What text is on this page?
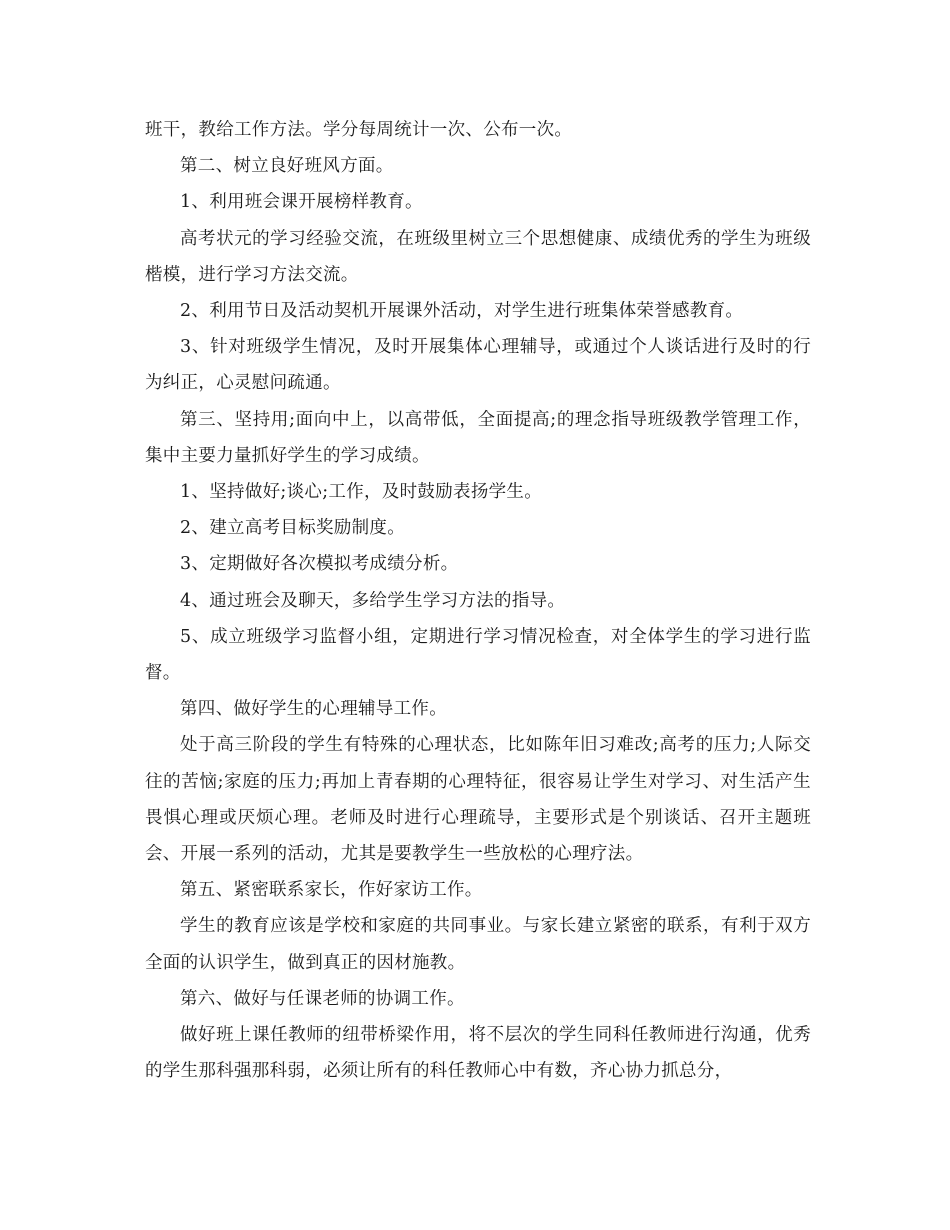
班干，教给工作方法。学分每周统计一次、公布一次。

第二、树立良好班风方面。

1、利用班会课开展榜样教育。

高考状元的学习经验交流，在班级里树立三个思想健康、成绩优秀的学生为班级楷模，进行学习方法交流。

2、利用节日及活动契机开展课外活动，对学生进行班集体荣誉感教育。

3、针对班级学生情况，及时开展集体心理辅导，或通过个人谈话进行及时的行为纠正，心灵慰问疏通。

第三、坚持用;面向中上，以高带低，全面提高;的理念指导班级教学管理工作，集中主要力量抓好学生的学习成绩。

1、坚持做好;谈心;工作，及时鼓励表扬学生。

2、建立高考目标奖励制度。

3、定期做好各次模拟考成绩分析。

4、通过班会及聊天，多给学生学习方法的指导。

5、成立班级学习监督小组，定期进行学习情况检查，对全体学生的学习进行监督。

第四、做好学生的心理辅导工作。

处于高三阶段的学生有特殊的心理状态，比如陈年旧习难改;高考的压力;人际交往的苦恼;家庭的压力;再加上青春期的心理特征，很容易让学生对学习、对生活产生畏惧心理或厌烦心理。老师及时进行心理疏导，主要形式是个别谈话、召开主题班会、开展一系列的活动，尤其是要教学生一些放松的心理疗法。

第五、紧密联系家长，作好家访工作。

学生的教育应该是学校和家庭的共同事业。与家长建立紧密的联系，有利于双方全面的认识学生，做到真正的因材施教。

第六、做好与任课老师的协调工作。

做好班上课任教师的纽带桥梁作用，将不层次的学生同科任教师进行沟通，优秀的学生那科强那科弱，必须让所有的科任教师心中有数，齐心协力抓总分，
